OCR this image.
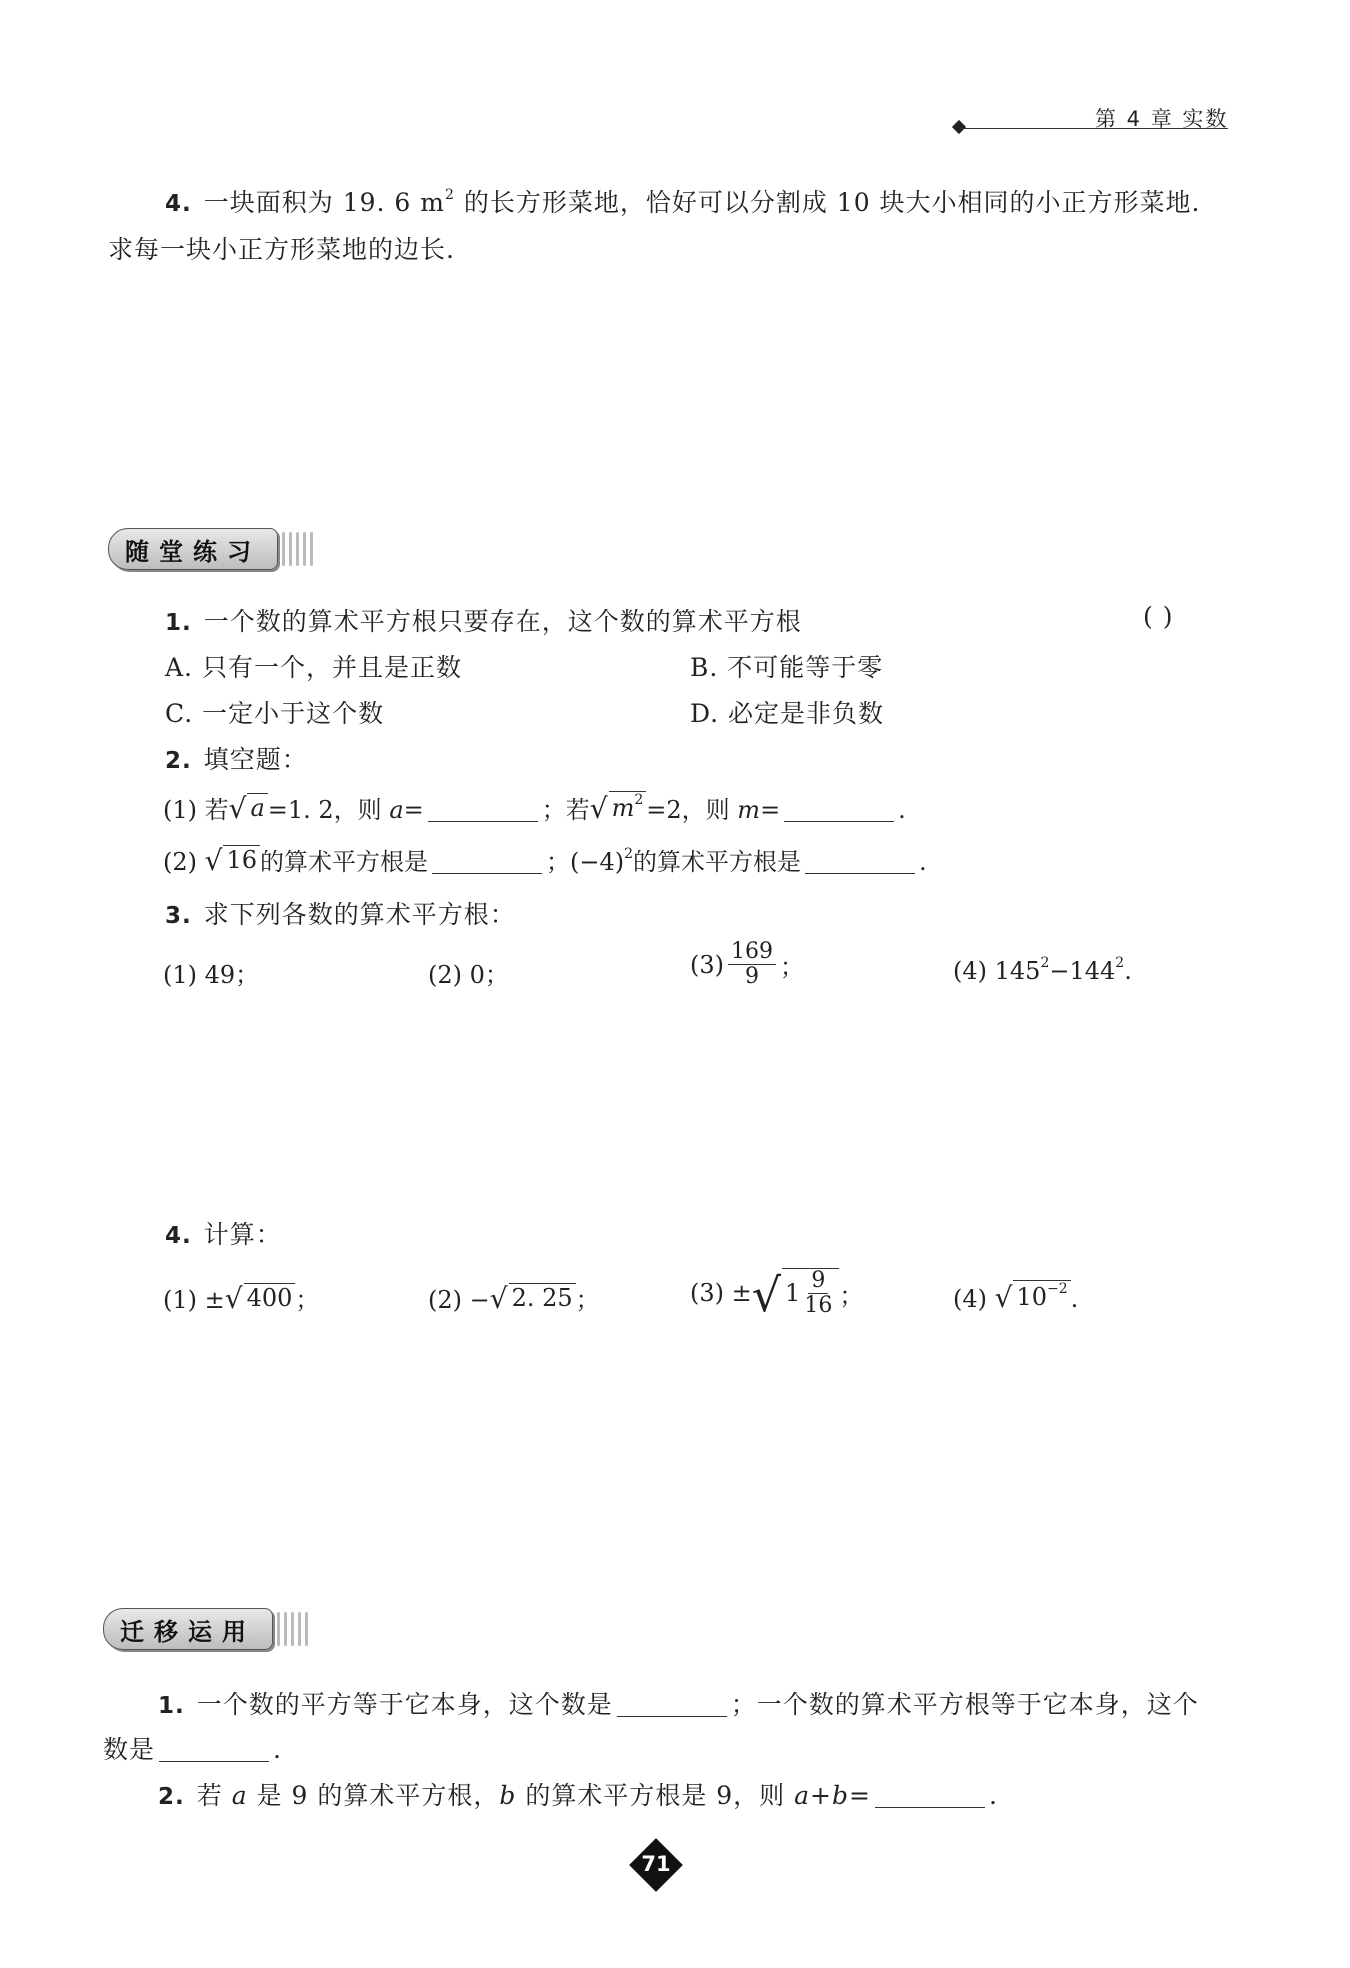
第 4 章 实数
4. 一块面积为 19. 6 $m^2$ 的长方形菜地，恰好可以分割成 10 块大小相同的小正方形菜地.
求每一块小正方形菜地的边长.
随堂练习
1. 一个数的算术平方根只要存在，这个数的算术平方根	( )
A. 只有一个，并且是正数	B. 不可能等于零
C. 一定小于这个数	D. 必定是非负数
2. 填空题：
(1) 若 √ a =1. 2，则 a=	；若 √ $m^2 =2$，则 m=	.
(2) √ 16 的算术平方根是	；$(-4)^2$的算术平方根是	.
3. 求下列各数的算术平方根：
(1) 49；	(2) 0；	$(3) \frac{169}{9}$ ；	(4) $145^2-144^2$.
4. 计算：
(1) ± √ 400 ；	(2) − √ 2. 25 ；	(3) ± √ $1 \frac{9}{16}$ ；	(4) √ $10^{-2}$ .
迁移运用
1. 一个数的平方等于它本身，这个数是	；一个数的算术平方根等于它本身，这个
数是	.
2. 若 a 是 9 的算术平方根，b 的算术平方根是 9，则 a+b=	.
71
